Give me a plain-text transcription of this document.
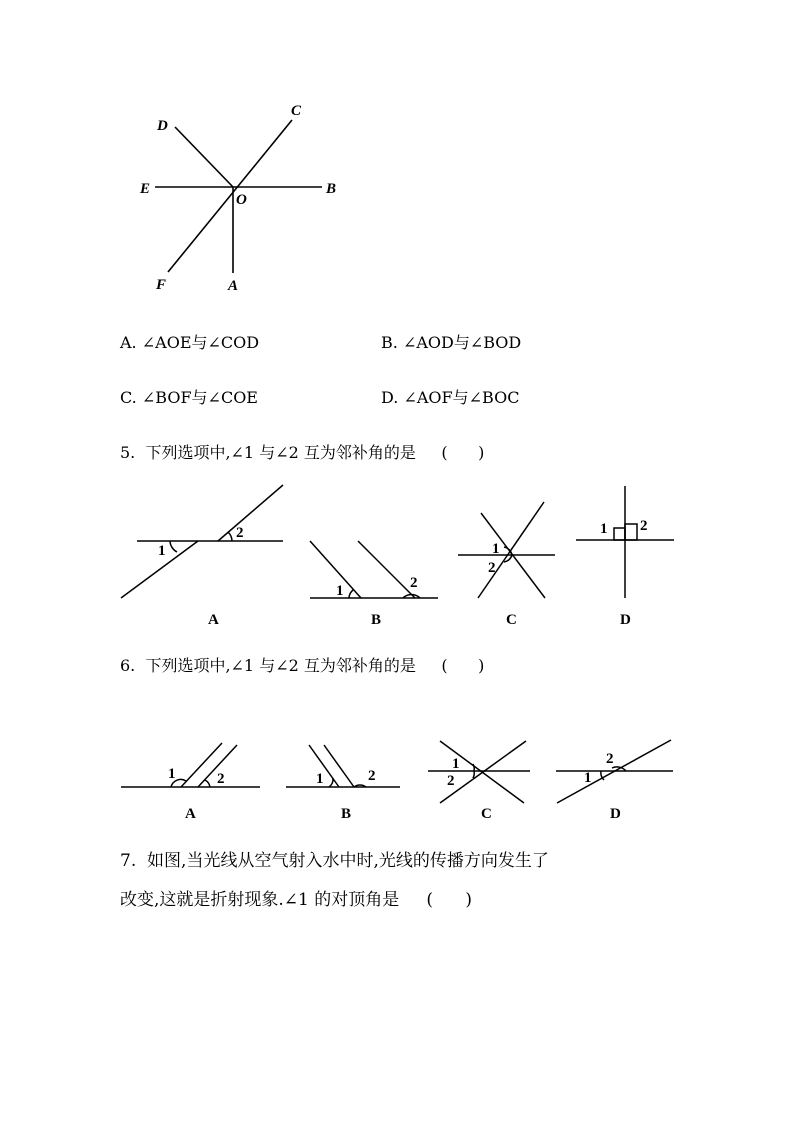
D
C
E
O
B
F	A
A. ∠AOE与∠COD	B. ∠AOD与∠BOD
C. ∠BOF与∠COE	D. ∠AOF与∠BOC
5. 下列选项中,∠1 与∠2 互为邻补角的是 (      )
1
2
1	2
1
2
1 2
A	B	C	D
6. 下列选项中,∠1 与∠2 互为邻补角的是 (      )
1	2	1	2
1
2	1
2
A	B	C	D
7. 如图,当光线从空气射入水中时,光线的传播方向发生了
改变,这就是折射现象.∠1 的对顶角是 (      )
